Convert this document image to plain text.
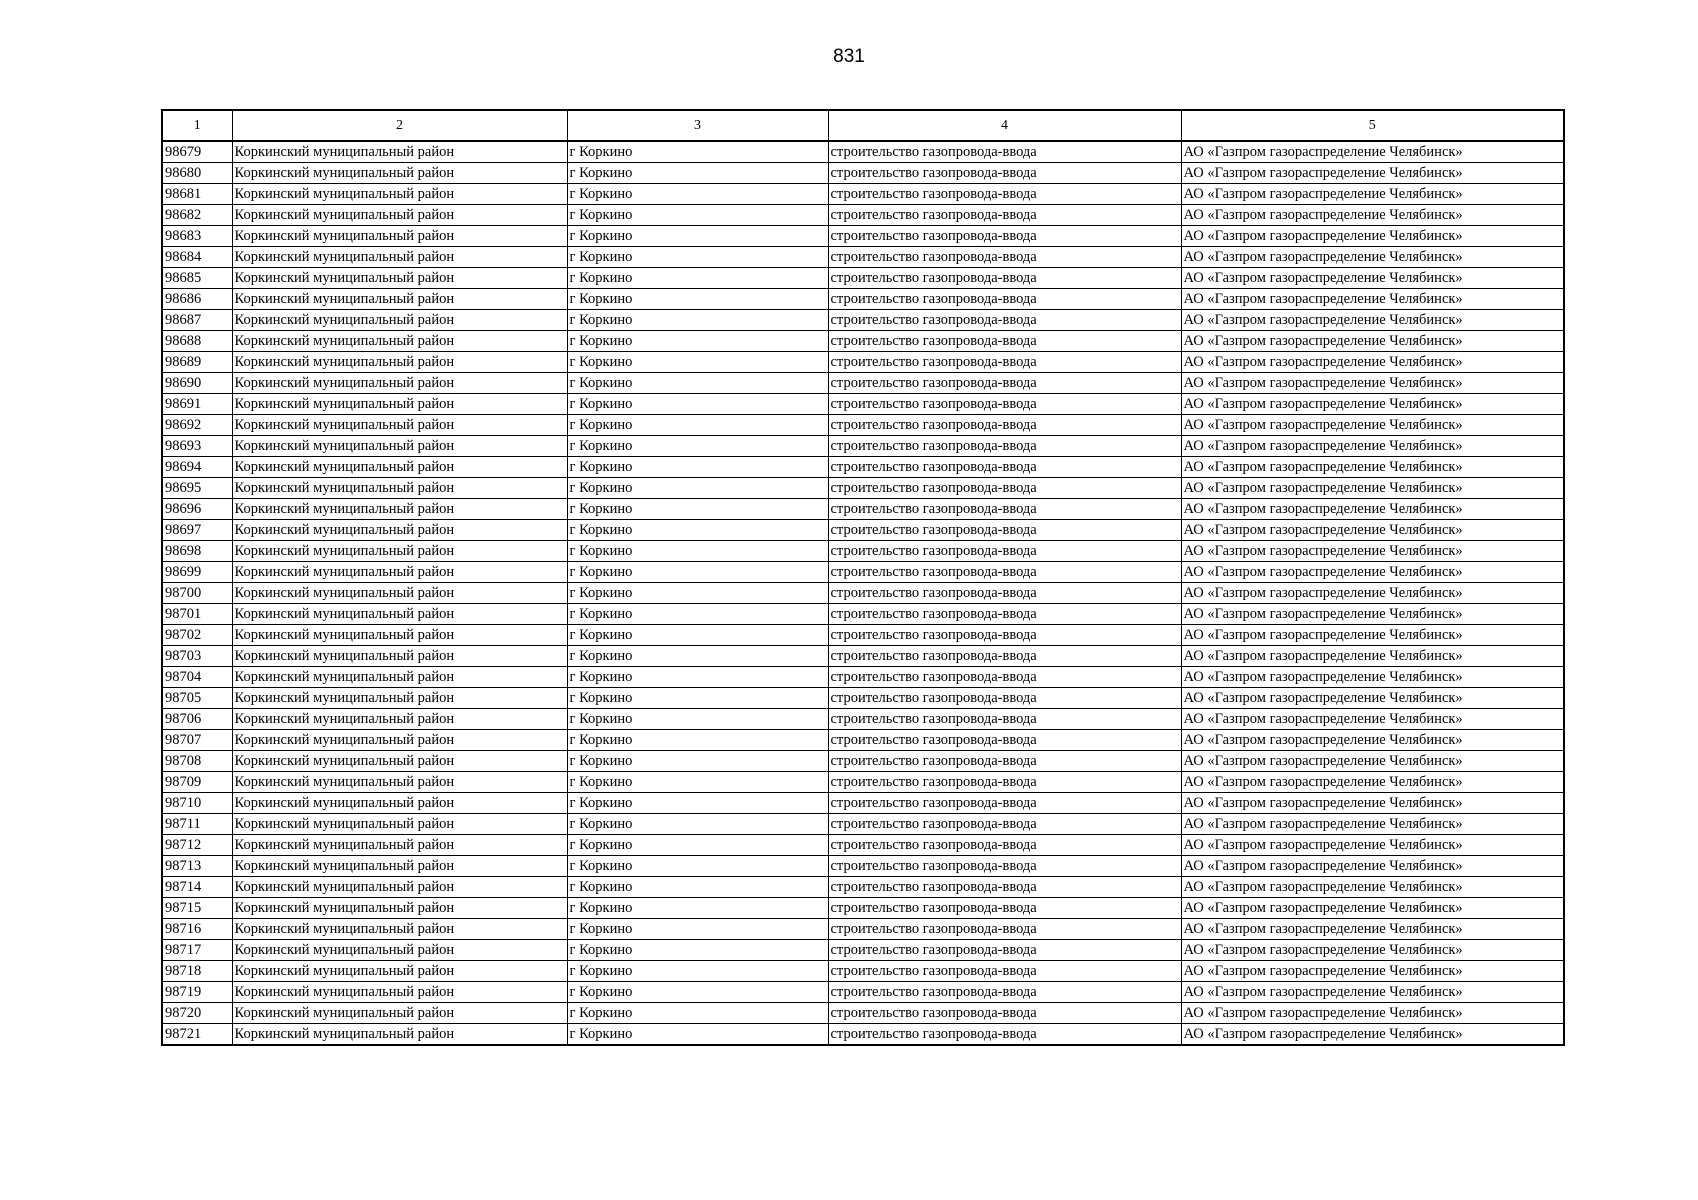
831
1	2	3	4	5
98679	Коркинский муниципальный район	г Коркино	строительство газопровода-ввода	АО «Газпром газораспределение Челябинск»
98680	Коркинский муниципальный район	г Коркино	строительство газопровода-ввода	АО «Газпром газораспределение Челябинск»
98681	Коркинский муниципальный район	г Коркино	строительство газопровода-ввода	АО «Газпром газораспределение Челябинск»
98682	Коркинский муниципальный район	г Коркино	строительство газопровода-ввода	АО «Газпром газораспределение Челябинск»
98683	Коркинский муниципальный район	г Коркино	строительство газопровода-ввода	АО «Газпром газораспределение Челябинск»
98684	Коркинский муниципальный район	г Коркино	строительство газопровода-ввода	АО «Газпром газораспределение Челябинск»
98685	Коркинский муниципальный район	г Коркино	строительство газопровода-ввода	АО «Газпром газораспределение Челябинск»
98686	Коркинский муниципальный район	г Коркино	строительство газопровода-ввода	АО «Газпром газораспределение Челябинск»
98687	Коркинский муниципальный район	г Коркино	строительство газопровода-ввода	АО «Газпром газораспределение Челябинск»
98688	Коркинский муниципальный район	г Коркино	строительство газопровода-ввода	АО «Газпром газораспределение Челябинск»
98689	Коркинский муниципальный район	г Коркино	строительство газопровода-ввода	АО «Газпром газораспределение Челябинск»
98690	Коркинский муниципальный район	г Коркино	строительство газопровода-ввода	АО «Газпром газораспределение Челябинск»
98691	Коркинский муниципальный район	г Коркино	строительство газопровода-ввода	АО «Газпром газораспределение Челябинск»
98692	Коркинский муниципальный район	г Коркино	строительство газопровода-ввода	АО «Газпром газораспределение Челябинск»
98693	Коркинский муниципальный район	г Коркино	строительство газопровода-ввода	АО «Газпром газораспределение Челябинск»
98694	Коркинский муниципальный район	г Коркино	строительство газопровода-ввода	АО «Газпром газораспределение Челябинск»
98695	Коркинский муниципальный район	г Коркино	строительство газопровода-ввода	АО «Газпром газораспределение Челябинск»
98696	Коркинский муниципальный район	г Коркино	строительство газопровода-ввода	АО «Газпром газораспределение Челябинск»
98697	Коркинский муниципальный район	г Коркино	строительство газопровода-ввода	АО «Газпром газораспределение Челябинск»
98698	Коркинский муниципальный район	г Коркино	строительство газопровода-ввода	АО «Газпром газораспределение Челябинск»
98699	Коркинский муниципальный район	г Коркино	строительство газопровода-ввода	АО «Газпром газораспределение Челябинск»
98700	Коркинский муниципальный район	г Коркино	строительство газопровода-ввода	АО «Газпром газораспределение Челябинск»
98701	Коркинский муниципальный район	г Коркино	строительство газопровода-ввода	АО «Газпром газораспределение Челябинск»
98702	Коркинский муниципальный район	г Коркино	строительство газопровода-ввода	АО «Газпром газораспределение Челябинск»
98703	Коркинский муниципальный район	г Коркино	строительство газопровода-ввода	АО «Газпром газораспределение Челябинск»
98704	Коркинский муниципальный район	г Коркино	строительство газопровода-ввода	АО «Газпром газораспределение Челябинск»
98705	Коркинский муниципальный район	г Коркино	строительство газопровода-ввода	АО «Газпром газораспределение Челябинск»
98706	Коркинский муниципальный район	г Коркино	строительство газопровода-ввода	АО «Газпром газораспределение Челябинск»
98707	Коркинский муниципальный район	г Коркино	строительство газопровода-ввода	АО «Газпром газораспределение Челябинск»
98708	Коркинский муниципальный район	г Коркино	строительство газопровода-ввода	АО «Газпром газораспределение Челябинск»
98709	Коркинский муниципальный район	г Коркино	строительство газопровода-ввода	АО «Газпром газораспределение Челябинск»
98710	Коркинский муниципальный район	г Коркино	строительство газопровода-ввода	АО «Газпром газораспределение Челябинск»
98711	Коркинский муниципальный район	г Коркино	строительство газопровода-ввода	АО «Газпром газораспределение Челябинск»
98712	Коркинский муниципальный район	г Коркино	строительство газопровода-ввода	АО «Газпром газораспределение Челябинск»
98713	Коркинский муниципальный район	г Коркино	строительство газопровода-ввода	АО «Газпром газораспределение Челябинск»
98714	Коркинский муниципальный район	г Коркино	строительство газопровода-ввода	АО «Газпром газораспределение Челябинск»
98715	Коркинский муниципальный район	г Коркино	строительство газопровода-ввода	АО «Газпром газораспределение Челябинск»
98716	Коркинский муниципальный район	г Коркино	строительство газопровода-ввода	АО «Газпром газораспределение Челябинск»
98717	Коркинский муниципальный район	г Коркино	строительство газопровода-ввода	АО «Газпром газораспределение Челябинск»
98718	Коркинский муниципальный район	г Коркино	строительство газопровода-ввода	АО «Газпром газораспределение Челябинск»
98719	Коркинский муниципальный район	г Коркино	строительство газопровода-ввода	АО «Газпром газораспределение Челябинск»
98720	Коркинский муниципальный район	г Коркино	строительство газопровода-ввода	АО «Газпром газораспределение Челябинск»
98721	Коркинский муниципальный район	г Коркино	строительство газопровода-ввода	АО «Газпром газораспределение Челябинск»
